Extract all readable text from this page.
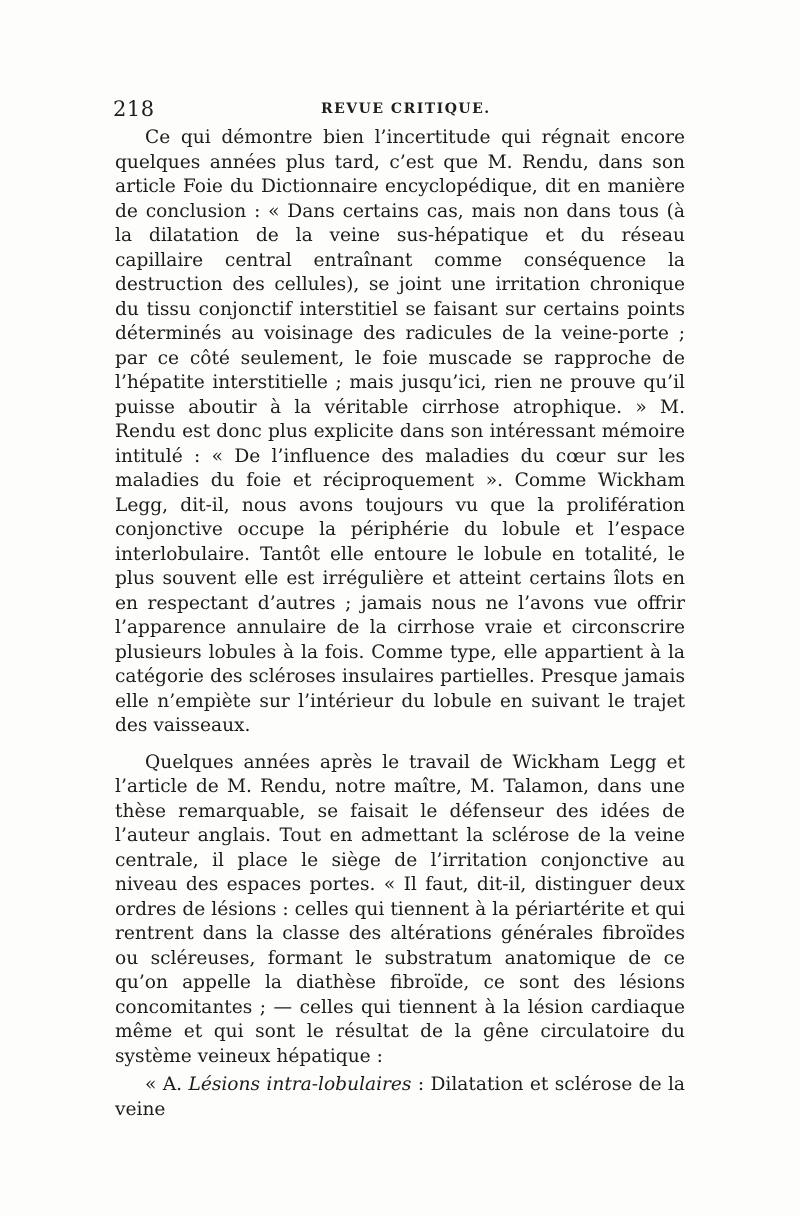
218	REVUE CRITIQUE.

Ce qui démontre bien l’incertitude qui régnait encore quelques années plus tard, c’est que M. Rendu, dans son article Foie du Dictionnaire encyclopédique, dit en manière de conclusion : « Dans certains cas, mais non dans tous (à la dilatation de la veine sus-hépatique et du réseau capillaire central entraînant comme conséquence la destruction des cellules), se joint une irritation chronique du tissu conjonctif interstitiel se faisant sur certains points déterminés au voisinage des radicules de la veine-porte ; par ce côté seulement, le foie muscade se rapproche de l’hépatite interstitielle ; mais jusqu’ici, rien ne prouve qu’il puisse aboutir à la véritable cirrhose atrophique. » M. Rendu est donc plus explicite dans son intéressant mémoire intitulé : « De l’influence des maladies du cœur sur les maladies du foie et réciproquement ». Comme Wickham Legg, dit-il, nous avons toujours vu que la prolifération conjonctive occupe la périphérie du lobule et l’espace interlobulaire. Tantôt elle entoure le lobule en totalité, le plus souvent elle est irrégulière et atteint certains îlots en en respectant d’autres ; jamais nous ne l’avons vue offrir l’apparence annulaire de la cirrhose vraie et circonscrire plusieurs lobules à la fois. Comme type, elle appartient à la catégorie des scléroses insulaires partielles. Presque jamais elle n’empiète sur l’intérieur du lobule en suivant le trajet des vaisseaux.

Quelques années après le travail de Wickham Legg et l’article de M. Rendu, notre maître, M. Talamon, dans une thèse remarquable, se faisait le défenseur des idées de l’auteur anglais. Tout en admettant la sclérose de la veine centrale, il place le siège de l’irritation conjonctive au niveau des espaces portes. « Il faut, dit-il, distinguer deux ordres de lésions : celles qui tiennent à la périartérite et qui rentrent dans la classe des altérations générales fibroïdes ou scléreuses, formant le substratum anatomique de ce qu’on appelle la diathèse fibroïde, ce sont des lésions concomitantes ; — celles qui tiennent à la lésion cardiaque même et qui sont le résultat de la gêne circulatoire du système veineux hépatique :

« A. Lésions intra-lobulaires : Dilatation et sclérose de la veine
